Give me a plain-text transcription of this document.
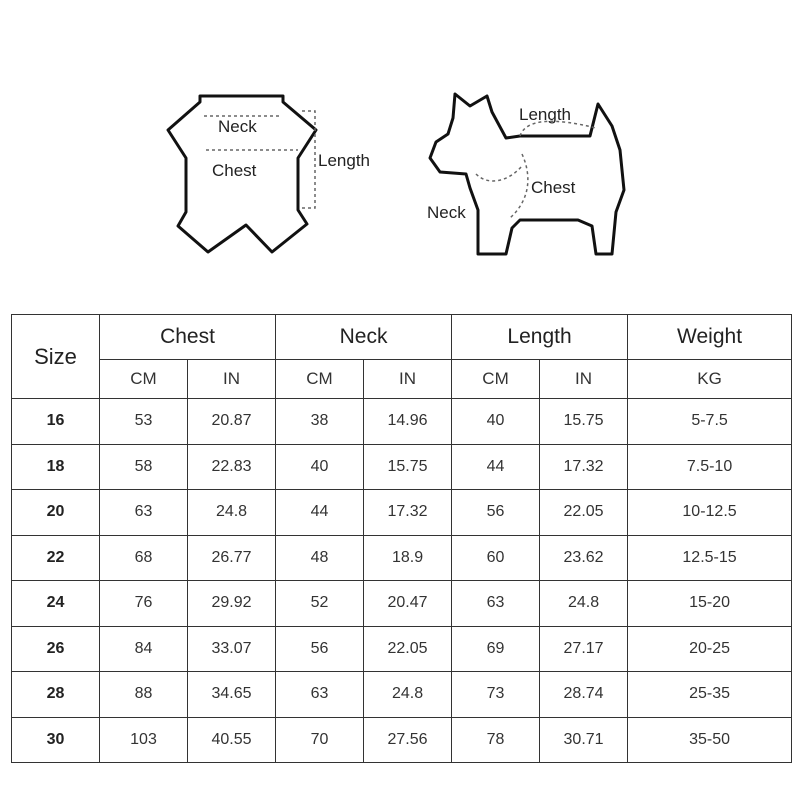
Neck
Chest
Length
Length
Chest
Neck
Size	Chest		Neck		Length		Weight
	CM	IN	CM	IN	CM	IN	KG
16	53	20.87	38	14.96	40	15.75	5-7.5
18	58	22.83	40	15.75	44	17.32	7.5-10
20	63	24.8	44	17.32	56	22.05	10-12.5
22	68	26.77	48	18.9	60	23.62	12.5-15
24	76	29.92	52	20.47	63	24.8	15-20
26	84	33.07	56	22.05	69	27.17	20-25
28	88	34.65	63	24.8	73	28.74	25-35
30	103	40.55	70	27.56	78	30.71	35-50
